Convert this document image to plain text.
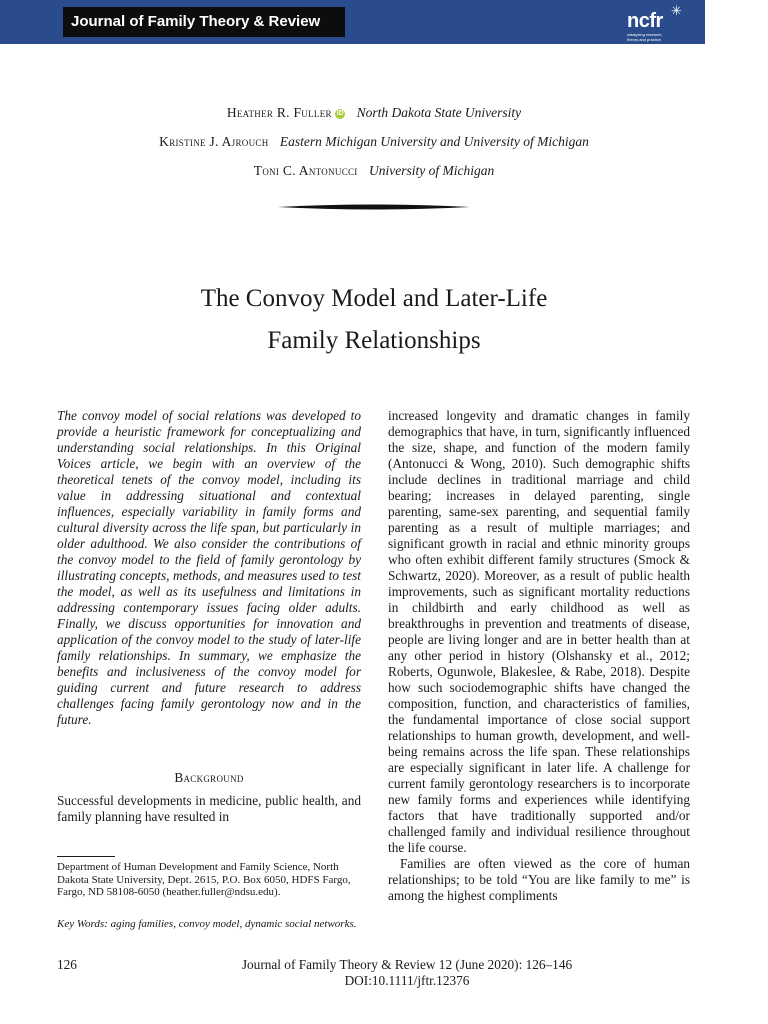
Journal of Family Theory & Review	ncfr ✳
catalyzing research,
theory and practice
Heather R. Fuller iD North Dakota State University
Kristine J. Ajrouch Eastern Michigan University and University of Michigan
Toni C. Antonucci University of Michigan
The Convoy Model and Later-Life
Family Relationships
The convoy model of social relations was developed to provide a heuristic framework for conceptualizing and understanding social relationships. In this Original Voices article, we begin with an overview of the theoretical tenets of the convoy model, including its value in addressing situational and contextual influences, especially variability in family forms and cultural diversity across the life span, but particularly in older adulthood. We also consider the contributions of the convoy model to the field of family gerontology by illustrating concepts, methods, and measures used to test the model, as well as its usefulness and limitations in addressing contemporary issues facing older adults. Finally, we discuss opportunities for innovation and application of the convoy model to the study of later-life family relationships. In summary, we emphasize the benefits and inclusiveness of the convoy model for guiding current and future research to address challenges facing family gerontology now and in the future.
Background
Successful developments in medicine, public health, and family planning have resulted in
Department of Human Development and Family Science, North Dakota State University, Dept. 2615, P.O. Box 6050, HDFS Fargo, Fargo, ND 58108-6050 (heather.fuller@ndsu.edu).
Key Words: aging families, convoy model, dynamic social networks.

increased longevity and dramatic changes in family demographics that have, in turn, significantly influenced the size, shape, and function of the modern family (Antonucci & Wong, 2010). Such demographic shifts include declines in traditional marriage and child bearing; increases in delayed parenting, single parenting, same-sex parenting, and sequential family parenting as a result of multiple marriages; and significant growth in racial and ethnic minority groups who often exhibit different family structures (Smock & Schwartz, 2020). Moreover, as a result of public health improvements, such as significant mortality reductions in childbirth and early childhood as well as breakthroughs in prevention and treatments of disease, people are living longer and are in better health than at any other period in history (Olshansky et al., 2012; Roberts, Ogunwole, Blakeslee, & Rabe, 2018). Despite how such sociodemographic shifts have changed the composition, function, and characteristics of families, the fundamental importance of close social support relationships to human growth, development, and well-being remains across the life span. These relationships are especially significant in later life. A challenge for current family gerontology researchers is to incorporate new family forms and experiences while identifying factors that have traditionally supported and/or challenged family and individual resilience throughout the life course.

Families are often viewed as the core of human relationships; to be told “You are like family to me” is among the highest compliments

126	Journal of Family Theory & Review 12 (June 2020): 126–146
DOI:10.1111/jftr.12376
